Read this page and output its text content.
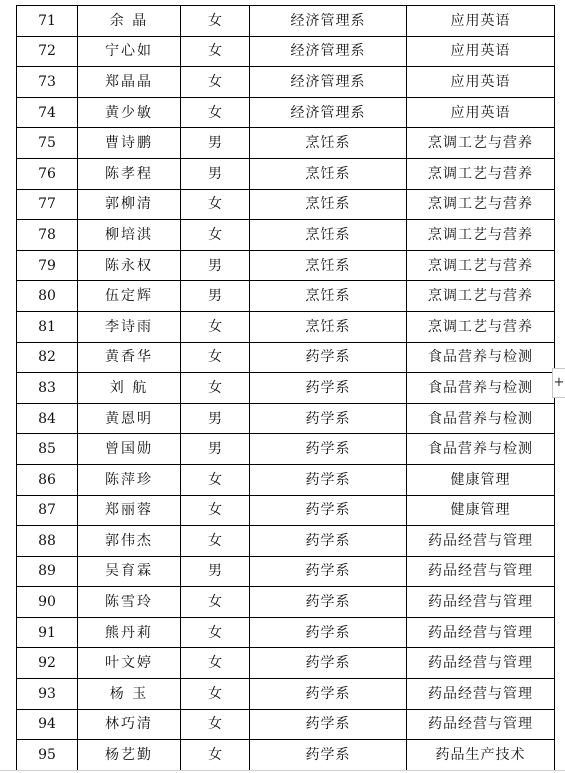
71	余 晶	女	经济管理系	应用英语
72	宁心如	女	经济管理系	应用英语
73	郑晶晶	女	经济管理系	应用英语
74	黄少敏	女	经济管理系	应用英语
75	曹诗鹏	男	烹饪系	烹调工艺与营养
76	陈孝程	男	烹饪系	烹调工艺与营养
77	郭柳清	女	烹饪系	烹调工艺与营养
78	柳培淇	女	烹饪系	烹调工艺与营养
79	陈永权	男	烹饪系	烹调工艺与营养
80	伍定辉	男	烹饪系	烹调工艺与营养
81	李诗雨	女	烹饪系	烹调工艺与营养
82	黄香华	女	药学系	食品营养与检测
83	刘 航	女	药学系	食品营养与检测
84	黄恩明	男	药学系	食品营养与检测
85	曾国勋	男	药学系	食品营养与检测
86	陈萍珍	女	药学系	健康管理
87	郑丽蓉	女	药学系	健康管理
88	郭伟杰	女	药学系	药品经营与管理
89	吴育霖	男	药学系	药品经营与管理
90	陈雪玲	女	药学系	药品经营与管理
91	熊丹莉	女	药学系	药品经营与管理
92	叶文婷	女	药学系	药品经营与管理
93	杨 玉	女	药学系	药品经营与管理
94	林巧清	女	药学系	药品经营与管理
95	杨艺勤	女	药学系	药品生产技术
+
